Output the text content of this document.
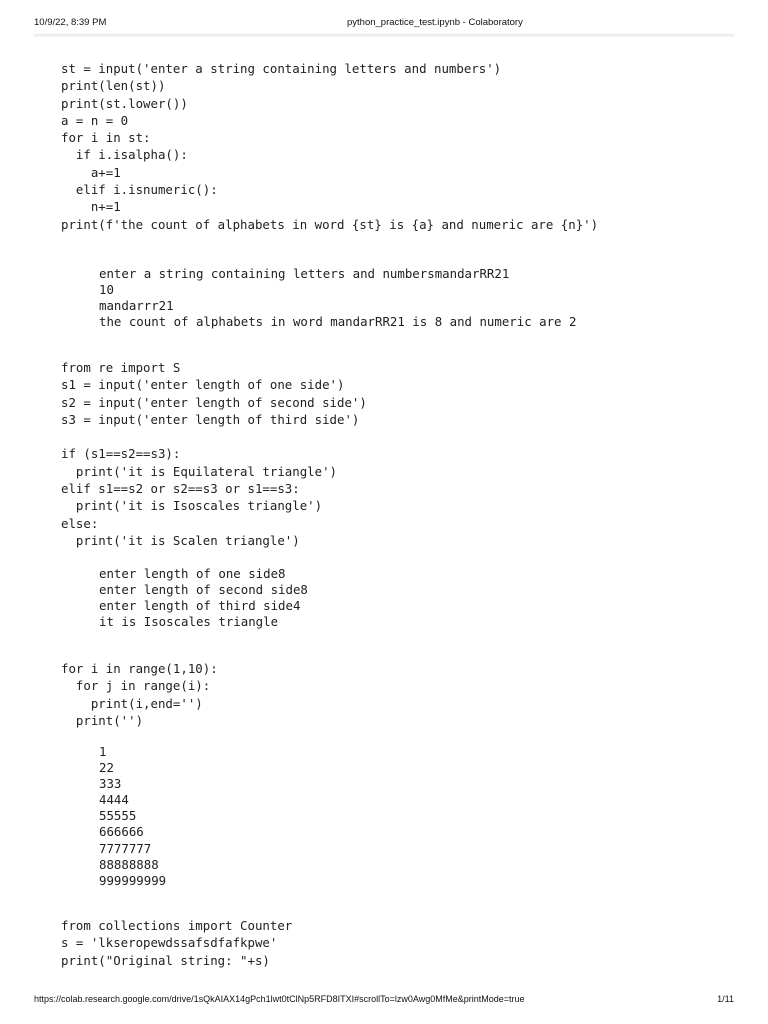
10/9/22, 8:39 PM	python_practice_test.ipynb - Colaboratory
st = input('enter a string containing letters and numbers')
print(len(st))
print(st.lower())
a = n = 0
for i in st:
if i.isalpha():
a+=1
elif i.isnumeric():
n+=1
print(f'the count of alphabets in word {st} is {a} and numeric are {n}')
enter a string containing letters and numbersmandarRR21
10
mandarrr21
the count of alphabets in word mandarRR21 is 8 and numeric are 2
from re import S
s1 = input('enter length of one side')
s2 = input('enter length of second side')
s3 = input('enter length of third side')

if (s1==s2==s3):
print('it is Equilateral triangle')
elif s1==s2 or s2==s3 or s1==s3:
print('it is Isoscales triangle')
else:
print('it is Scalen triangle')
enter length of one side8
enter length of second side8
enter length of third side4
it is Isoscales triangle
for i in range(1,10):
for j in range(i):
print(i,end='')
print('')
1
22
333
4444
55555
666666
7777777
88888888
999999999
from collections import Counter
s = 'lkseropewdssafsdfafkpwe'
print("Original string: "+s)
https://colab.research.google.com/drive/1sQkAIAX14gPch1lwt0tClNp5RFD8ITXI#scrollTo=lzw0Awg0MfMe&printMode=true	1/11
